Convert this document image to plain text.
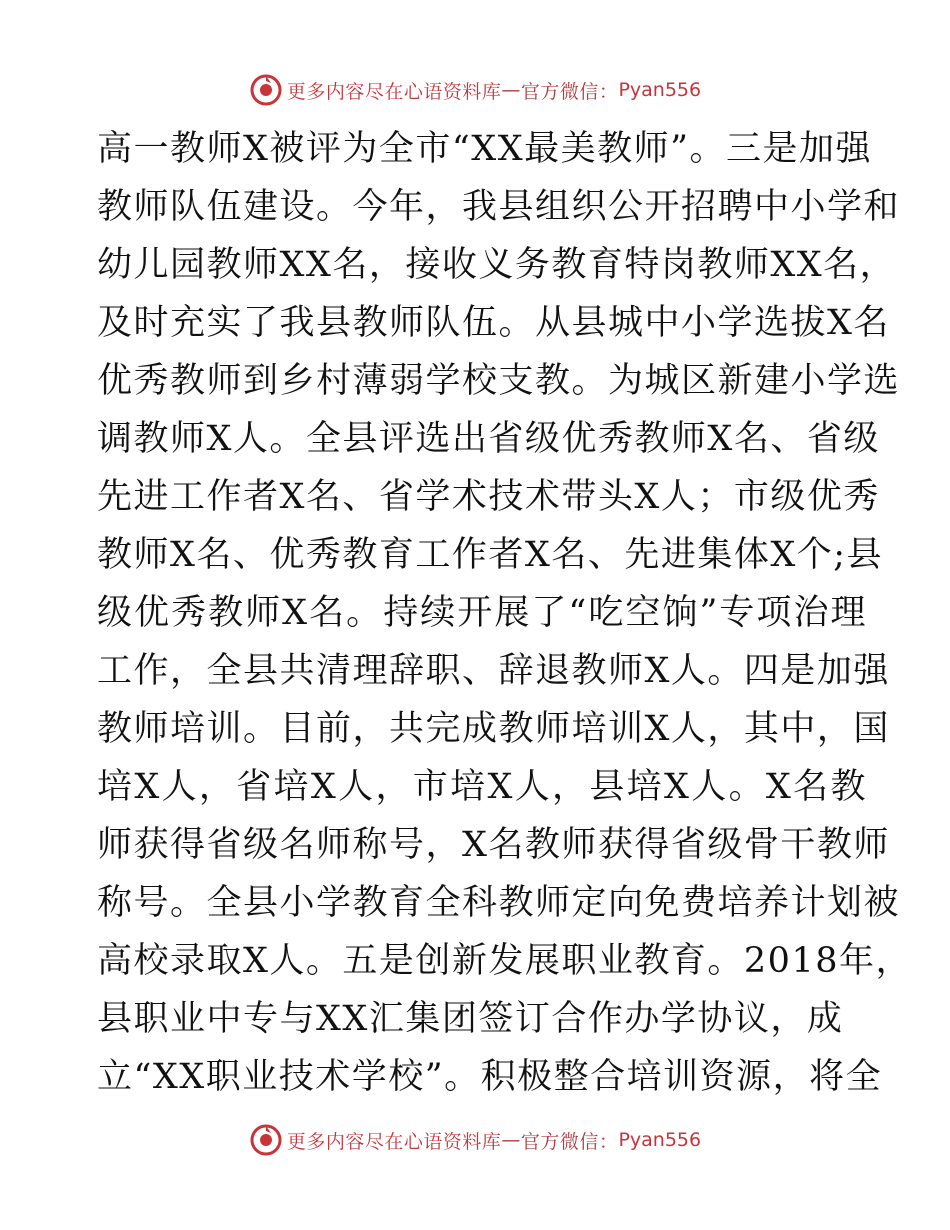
更多内容尽在心语资料库 — 官方微信： Pyan556
高一教师X被评为全市“XX最美教师”。三是加强
教师队伍建设。今年，我县组织公开招聘中小学和
幼儿园教师XX名，接收义务教育特岗教师XX名，
及时充实了我县教师队伍。从县城中小学选拔X名
优秀教师到乡村薄弱学校支教。为城区新建小学选
调教师X人。全县评选出省级优秀教师X名、省级
先进工作者X名、省学术技术带头X人；市级优秀
教师X名、优秀教育工作者X名、先进集体X个;县
级优秀教师X名。持续开展了“吃空饷”专项治理
工作，全县共清理辞职、辞退教师X人。四是加强
教师培训。目前，共完成教师培训X人，其中，国
培X人，省培X人，市培X人，县培X人。X名教
师获得省级名师称号，X名教师获得省级骨干教师
称号。全县小学教育全科教师定向免费培养计划被
高校录取X人。五是创新发展职业教育。2018年，
县职业中专与XX汇集团签订合作办学协议，成
立“XX职业技术学校”。积极整合培训资源，将全
更多内容尽在心语资料库 — 官方微信： Pyan556
